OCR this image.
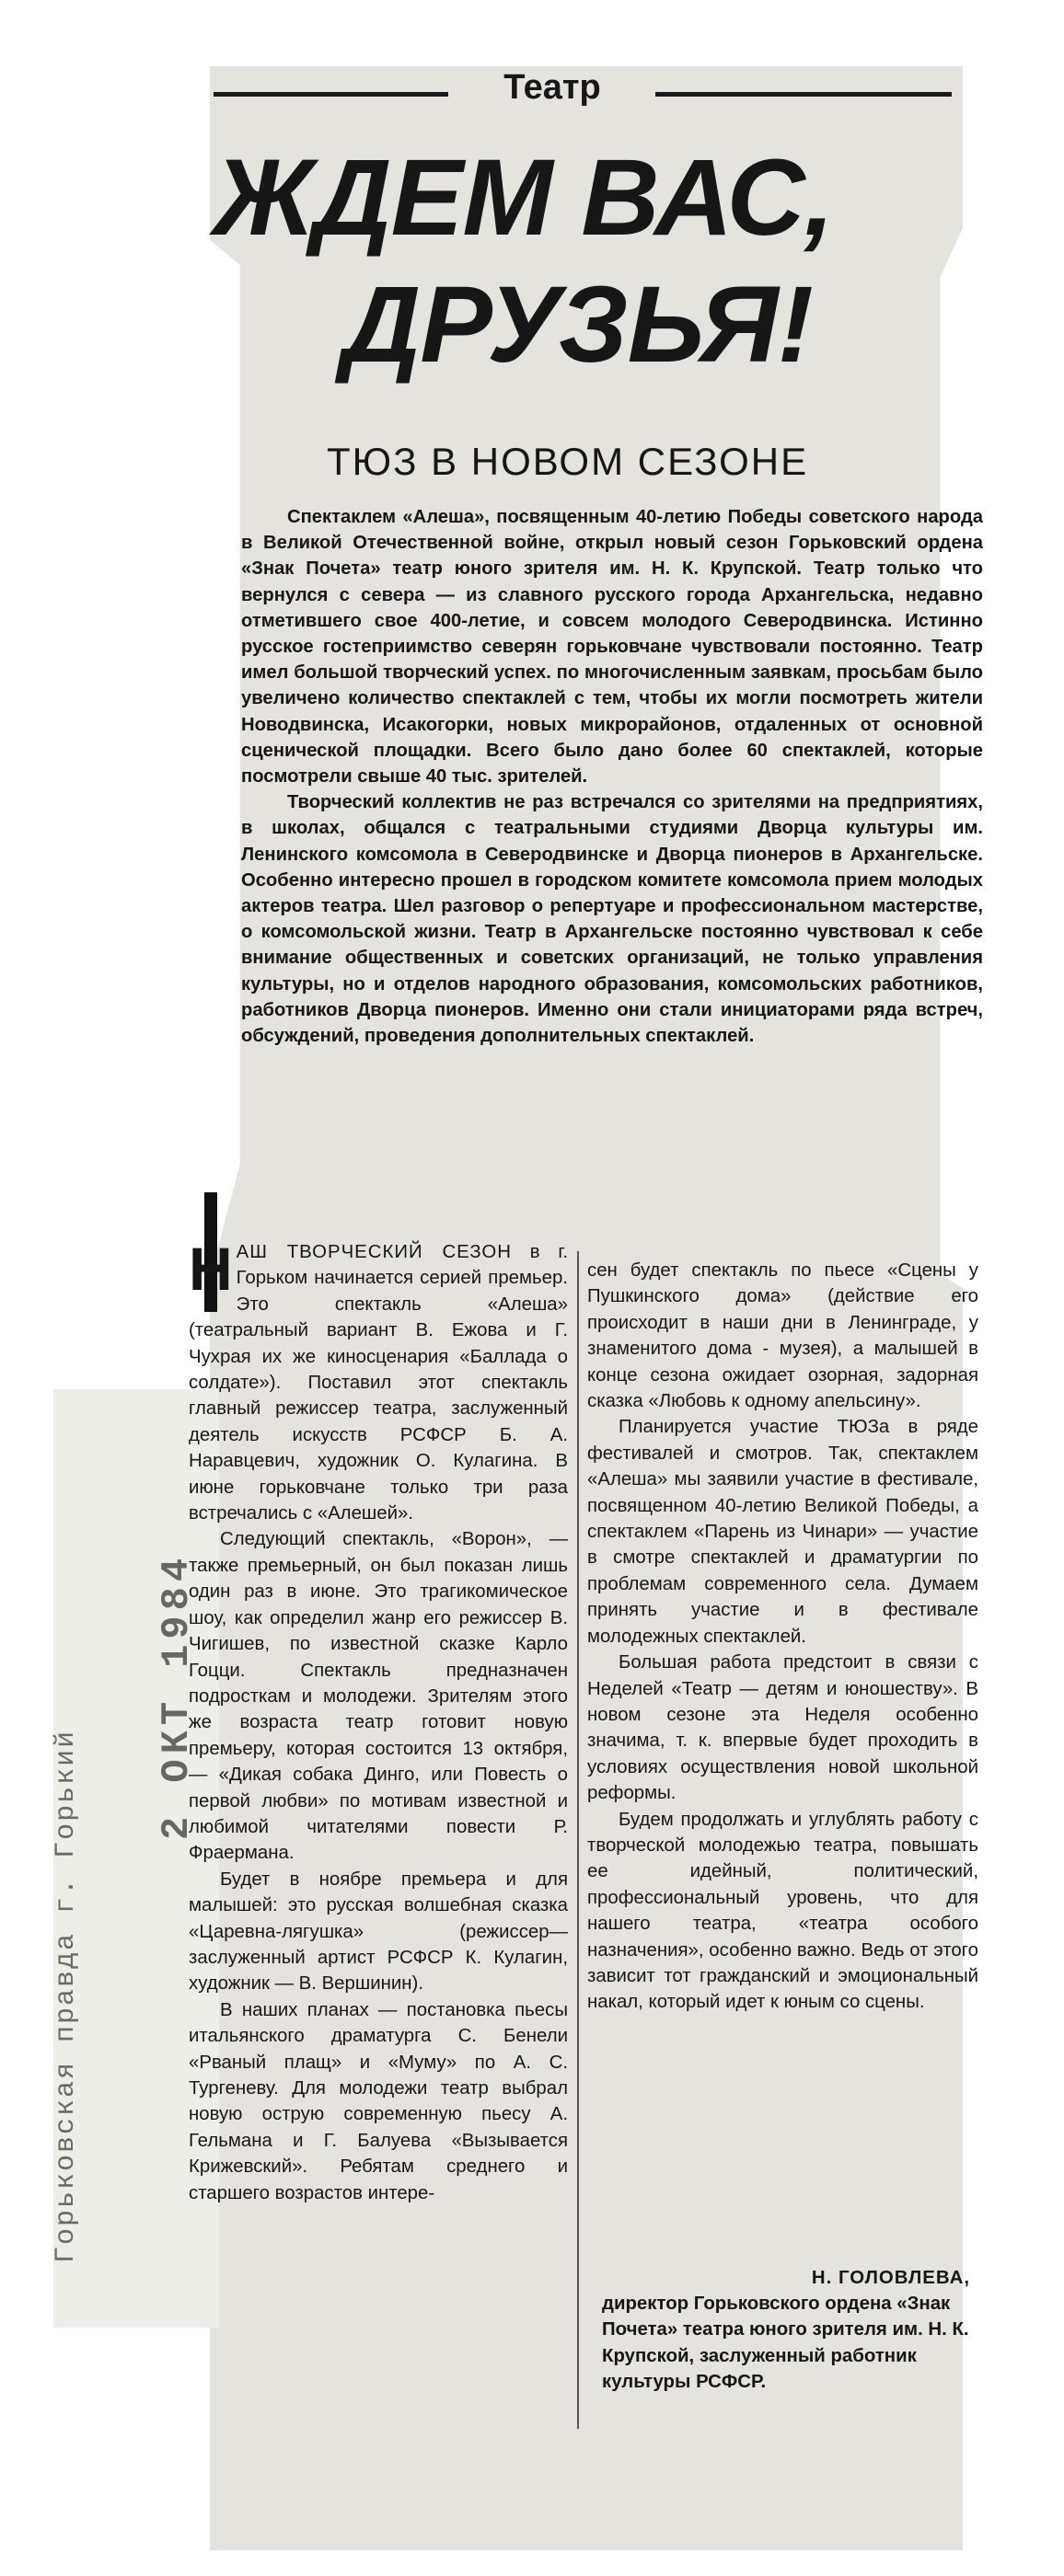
Горьковская правда г. Горький
2 ОКТ 1984
Театр
ЖДЕМ ВАС,
ДРУЗЬЯ!
ТЮЗ В НОВОМ СЕЗОНЕ

Спектаклем «Алеша», посвященным 40-летию Победы советского народа в Великой Отечественной войне, открыл новый сезон Горьковский ордена «Знак Почета» театр юного зрителя им. Н. К. Крупской. Театр только что вернулся с севера — из славного русского города Архангельска, недавно отметившего свое 400-летие, и совсем молодого Северодвинска. Истинно русское гостеприимство северян горьковчане чувствовали постоянно. Театр имел большой творческий успех. по многочисленным заявкам, просьбам было увеличено количество спектаклей с тем, чтобы их могли посмотреть жители Новодвинска, Исакогорки, новых микрорайонов, отдаленных от основной сценической площадки. Всего было дано более 60 спектаклей, которые посмотрели свыше 40 тыс. зрителей.

Творческий коллектив не раз встречался со зрителями на предприятиях, в школах, общался с театральными студиями Дворца культуры им. Ленинского комсомола в Северодвинске и Дворца пионеров в Архангельске. Особенно интересно прошел в городском комитете комсомола прием молодых актеров театра. Шел разговор о репертуаре и профессиональном мастерстве, о комсомольской жизни. Театр в Архангельске постоянно чувствовал к себе внимание общественных и советских организаций, не только управления культуры, но и отделов народного образования, комсомольских работников, работников Дворца пионеров. Именно они стали инициаторами ряда встреч, обсуждений, проведения дополнительных спектаклей.

НАШ ТВОРЧЕСКИЙ СЕЗОН в г. Горьком начинается серией премьер. Это спектакль «Алеша» (театральный вариант В. Ежова и Г. Чухрая их же киносценария «Баллада о солдате»). Поставил этот спектакль главный режиссер театра, заслуженный деятель искусств РСФСР Б. А. Наравцевич, художник О. Кулагина. В июне горьковчане только три раза встречались с «Алешей».

Следующий спектакль, «Ворон», — также премьерный, он был показан лишь один раз в июне. Это трагикомическое шоу, как определил жанр его режиссер В. Чигишев, по известной сказке Карло Гоцци. Спектакль предназначен подросткам и молодежи. Зрителям этого же возраста театр готовит новую премьеру, которая состоится 13 октября, — «Дикая собака Динго, или Повесть о первой любви» по мотивам известной и любимой читателями повести Р. Фраермана.

Будет в ноябре премьера и для малышей: это русская волшебная сказка «Царевна-лягушка» (режиссер—заслуженный артист РСФСР К. Кулагин, художник — В. Вершинин).

В наших планах — постановка пьесы итальянского драматурга С. Бенели «Рваный плащ» и «Муму» по А. С. Тургеневу. Для молодежи театр выбрал новую острую современную пьесу А. Гельмана и Г. Балуева «Вызывается Крижевский». Ребятам среднего и старшего возрастов интере-

сен будет спектакль по пьесе «Сцены у Пушкинского дома» (действие его происходит в наши дни в Ленинграде, у знаменитого дома - музея), а малышей в конце сезона ожидает озорная, задорная сказка «Любовь к одному апельсину».

Планируется участие ТЮЗа в ряде фестивалей и смотров. Так, спектаклем «Алеша» мы заявили участие в фестивале, посвященном 40-летию Великой Победы, а спектаклем «Парень из Чинари» — участие в смотре спектаклей и драматургии по проблемам современного села. Думаем принять участие и в фестивале молодежных спектаклей.

Большая работа предстоит в связи с Неделей «Театр — детям и юношеству». В новом сезоне эта Неделя особенно значима, т. к. впервые будет проходить в условиях осуществления новой школьной реформы.

Будем продолжать и углублять работу с творческой молодежью театра, повышать ее идейный, политический, профессиональный уровень, что для нашего театра, «театра особого назначения», особенно важно. Ведь от этого зависит тот гражданский и эмоциональный накал, который идет к юным со сцены.

Н. ГОЛОВЛЕВА,
директор Горьковского ордена «Знак Почета» театра юного зрителя им. Н. К. Крупской, заслуженный работник культуры РСФСР.
